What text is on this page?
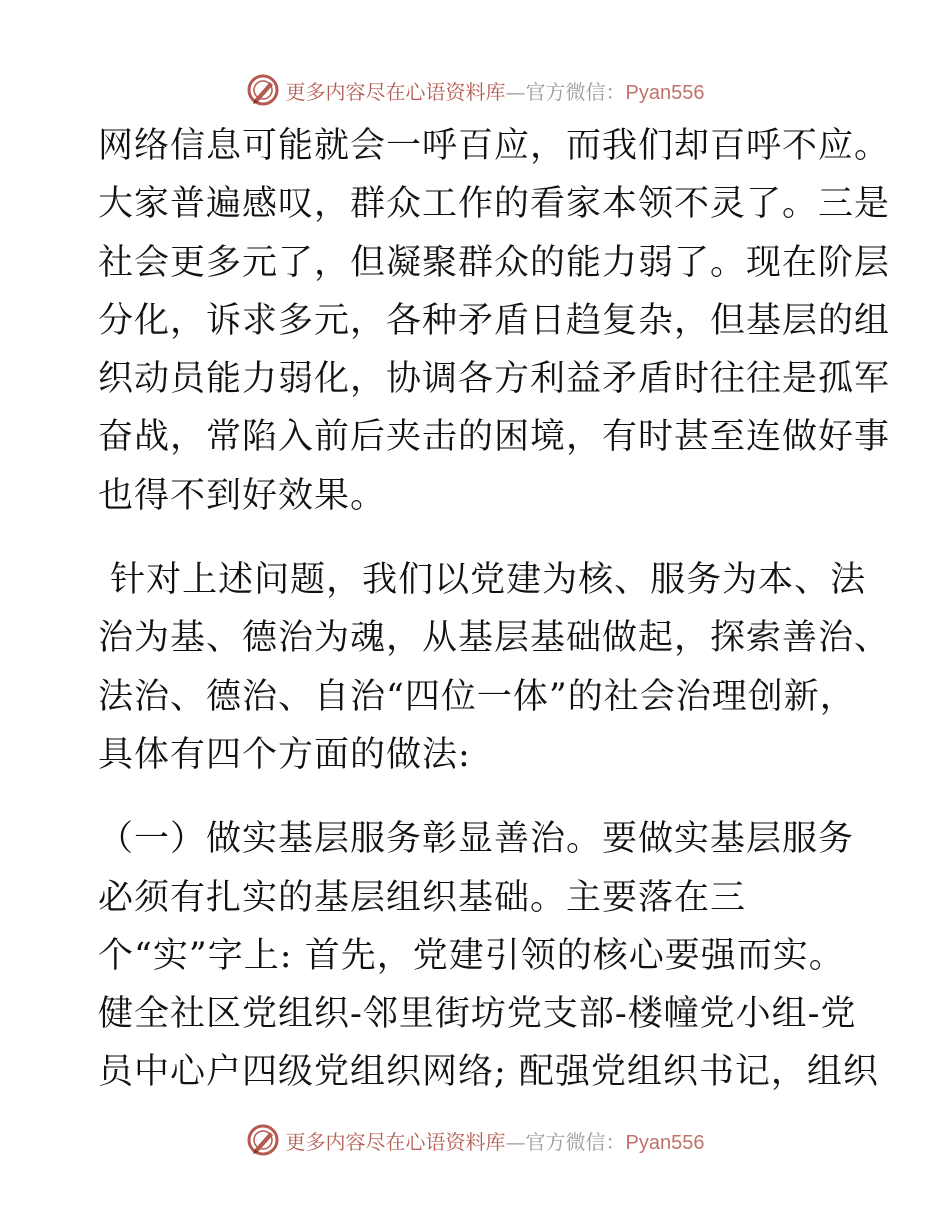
更多内容尽在心语资料库—官方微信：Pyan556
网络信息可能就会一呼百应，而我们却百呼不应。
大家普遍感叹，群众工作的看家本领不灵了。三是
社会更多元了，但凝聚群众的能力弱了。现在阶层
分化，诉求多元，各种矛盾日趋复杂，但基层的组
织动员能力弱化，协调各方利益矛盾时往往是孤军
奋战，常陷入前后夹击的困境，有时甚至连做好事
也得不到好效果。
针对上述问题，我们以党建为核、服务为本、法
治为基、德治为魂，从基层基础做起，探索善治、
法治、德治、自治“四位一体”的社会治理创新，
具体有四个方面的做法:
（一）做实基层服务彰显善治。要做实基层服务
必须有扎实的基层组织基础。主要落在三
个“实”字上: 首先，党建引领的核心要强而实。
健全社区党组织-邻里街坊党支部-楼幢党小组-党
员中心户四级党组织网络; 配强党组织书记，组织
更多内容尽在心语资料库—官方微信：Pyan556
